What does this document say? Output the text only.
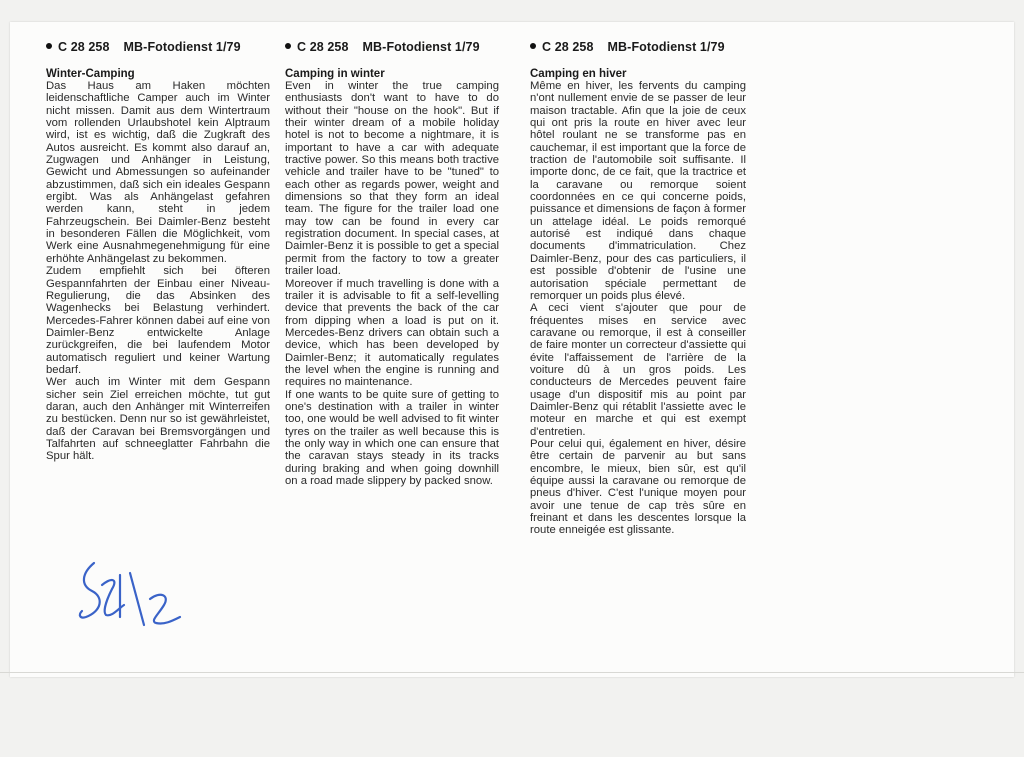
C 28 258 MB-Fotodienst 1/79
Winter-Camping

Das Haus am Haken möchten leidenschaftliche Camper auch im Winter nicht missen. Damit aus dem Wintertraum vom rollenden Urlaubshotel kein Alptraum wird, ist es wichtig, daß die Zugkraft des Autos ausreicht. Es kommt also darauf an, Zugwagen und Anhänger in Leistung, Gewicht und Abmessungen so aufeinander abzustimmen, daß sich ein ideales Gespann ergibt. Was als Anhängelast gefahren werden kann, steht in jedem Fahrzeugschein. Bei Daimler-Benz besteht in besonderen Fällen die Möglichkeit, vom Werk eine Ausnahmegenehmigung für eine erhöhte Anhängelast zu bekommen.

Zudem empfiehlt sich bei öfteren Gespannfahrten der Einbau einer Niveau-Regulierung, die das Absinken des Wagenhecks bei Belastung verhindert. Mercedes-Fahrer können dabei auf eine von Daimler-Benz entwickelte Anlage zurückgreifen, die bei laufendem Motor automatisch reguliert und keiner Wartung bedarf.

Wer auch im Winter mit dem Gespann sicher sein Ziel erreichen möchte, tut gut daran, auch den Anhänger mit Winterreifen zu bestücken. Denn nur so ist gewährleistet, daß der Caravan bei Bremsvorgängen und Talfahrten auf schneeglatter Fahrbahn die Spur hält.

C 28 258 MB-Fotodienst 1/79
Camping in winter

Even in winter the true camping enthusiasts don't want to have to do without their "house on the hook". But if their winter dream of a mobile holiday hotel is not to become a nightmare, it is important to have a car with adequate tractive power. So this means both tractive vehicle and trailer have to be "tuned" to each other as regards power, weight and dimensions so that they form an ideal team. The figure for the trailer load one may tow can be found in every car registration document. In special cases, at Daimler-Benz it is possible to get a special permit from the factory to tow a greater trailer load.

Moreover if much travelling is done with a trailer it is advisable to fit a self-levelling device that prevents the back of the car from dipping when a load is put on it. Mercedes-Benz drivers can obtain such a device, which has been developed by Daimler-Benz; it automatically regulates the level when the engine is running and requires no maintenance.

If one wants to be quite sure of getting to one's destination with a trailer in winter too, one would be well advised to fit winter tyres on the trailer as well because this is the only way in which one can ensure that the caravan stays steady in its tracks during braking and when going downhill on a road made slippery by packed snow.

C 28 258 MB-Fotodienst 1/79
Camping en hiver

Même en hiver, les fervents du camping n'ont nullement envie de se passer de leur maison tractable. Afin que la joie de ceux qui ont pris la route en hiver avec leur hôtel roulant ne se transforme pas en cauchemar, il est important que la force de traction de l'automobile soit suffisante. Il importe donc, de ce fait, que la tractrice et la caravane ou remorque soient coordonnées en ce qui concerne poids, puissance et dimensions de façon à former un attelage idéal. Le poids remorqué autorisé est indiqué dans chaque documents d'immatriculation. Chez Daimler-Benz, pour des cas particuliers, il est possible d'obtenir de l'usine une autorisation spéciale permettant de remorquer un poids plus élevé.

A ceci vient s'ajouter que pour de fréquentes mises en service avec caravane ou remorque, il est à conseiller de faire monter un correcteur d'assiette qui évite l'affaissement de l'arrière de la voiture dû à un gros poids. Les conducteurs de Mercedes peuvent faire usage d'un dispositif mis au point par Daimler-Benz qui rétablit l'assiette avec le moteur en marche et qui est exempt d'entretien.

Pour celui qui, également en hiver, désire être certain de parvenir au but sans encombre, le mieux, bien sûr, est qu'il équipe aussi la caravane ou remorque de pneus d'hiver. C'est l'unique moyen pour avoir une tenue de cap très sûre en freinant et dans les descentes lorsque la route enneigée est glissante.
